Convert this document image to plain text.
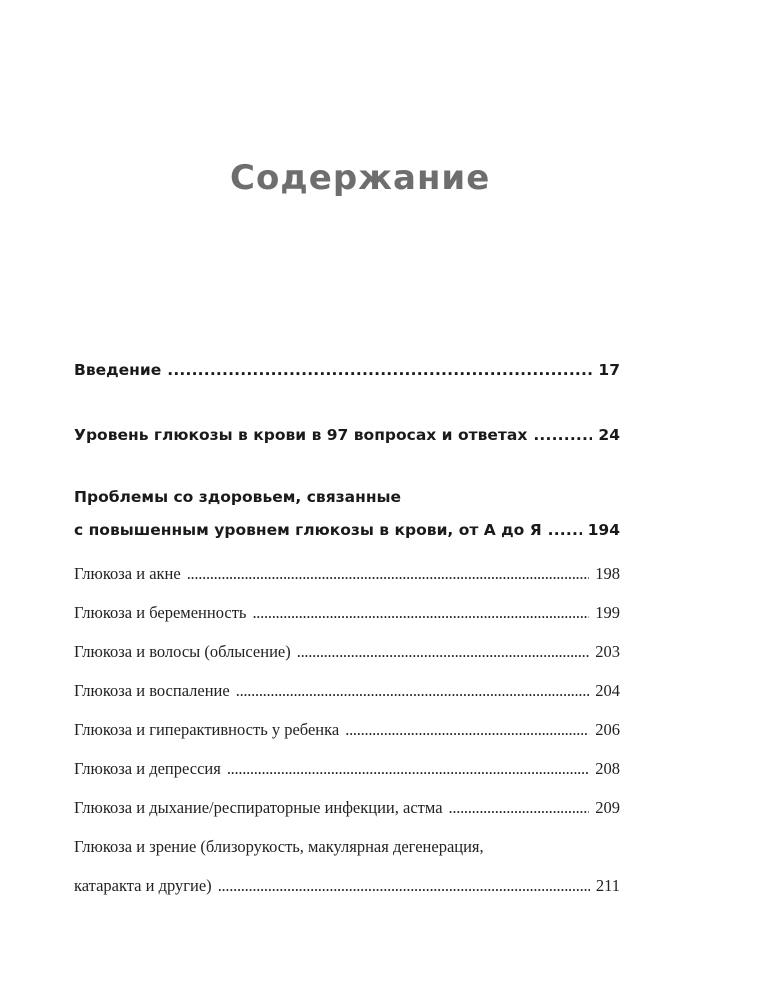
Содержание
Введение . . .	17
Уровень глюкозы в крови в 97 вопросах и ответах . . .	24
Проблемы со здоровьем, связанные
с повышенным уровнем глюкозы в крови, от А до Я . . .	194
Глюкоза и акне . . .	198
Глюкоза и беременность . . .	199
Глюкоза и волосы (облысение) . . .	203
Глюкоза и воспаление . . .	204
Глюкоза и гиперактивность у ребенка . . .	206
Глюкоза и депрессия . . .	208
Глюкоза и дыхание/респираторные инфекции, астма . . .	209
Глюкоза и зрение (близорукость, макулярная дегенерация,
катаракта и другие) . . .	211
